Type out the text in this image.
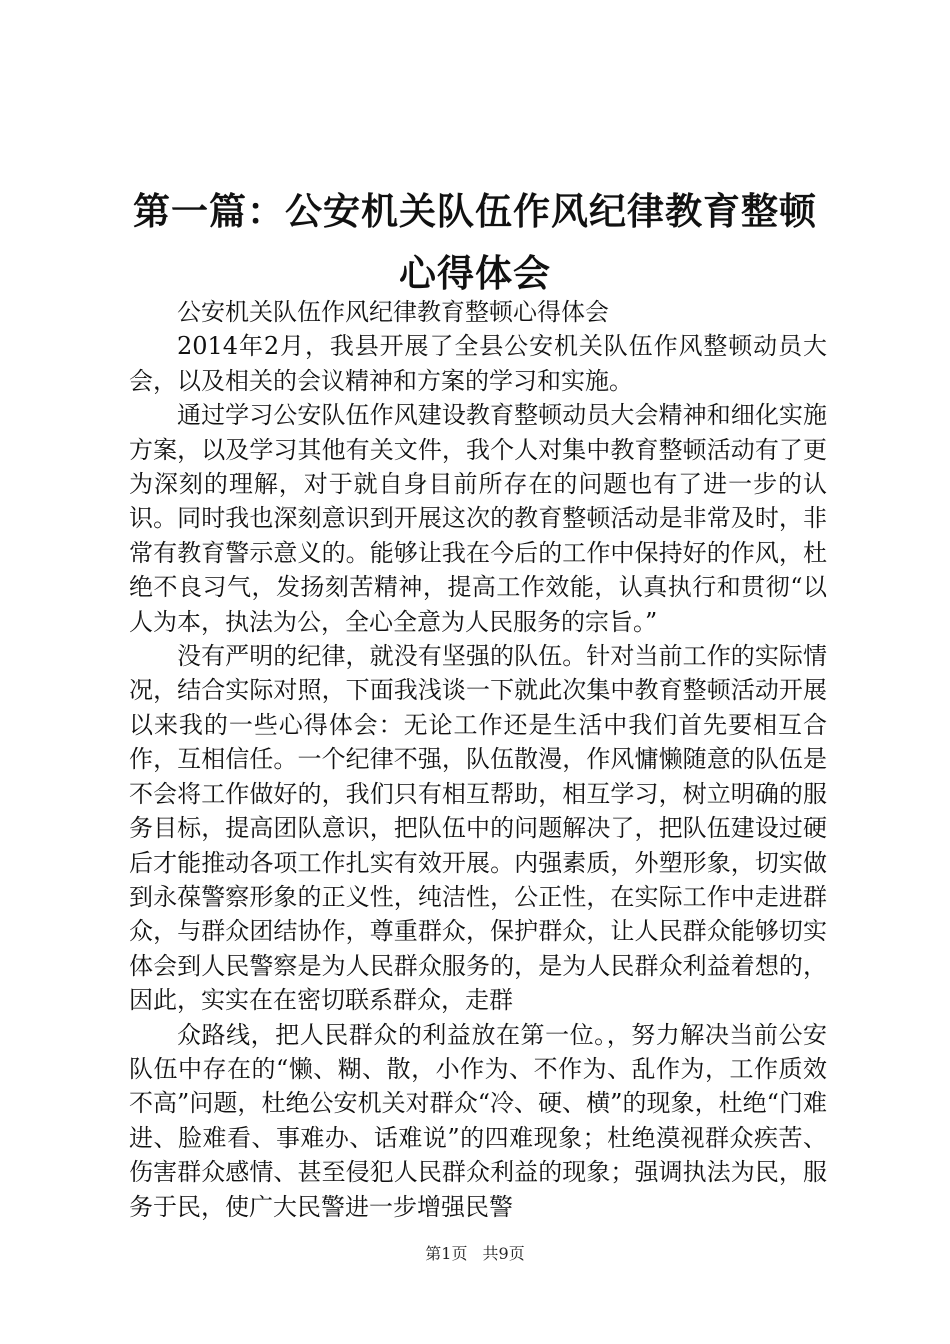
第一篇：公安机关队伍作风纪律教育整顿心得体会

公安机关队伍作风纪律教育整顿心得体会

2014年2月，我县开展了全县公安机关队伍作风整顿动员大会，以及相关的会议精神和方案的学习和实施。

通过学习公安队伍作风建设教育整顿动员大会精神和细化实施方案，以及学习其他有关文件，我个人对集中教育整顿活动有了更为深刻的理解，对于就自身目前所存在的问题也有了进一步的认识。同时我也深刻意识到开展这次的教育整顿活动是非常及时，非常有教育警示意义的。能够让我在今后的工作中保持好的作风，杜绝不良习气，发扬刻苦精神，提高工作效能，认真执行和贯彻“以人为本，执法为公，全心全意为人民服务的宗旨。”

没有严明的纪律，就没有坚强的队伍。针对当前工作的实际情况，结合实际对照，下面我浅谈一下就此次集中教育整顿活动开展以来我的一些心得体会：无论工作还是生活中我们首先要相互合作，互相信任。一个纪律不强，队伍散漫，作风慵懒随意的队伍是不会将工作做好的，我们只有相互帮助，相互学习，树立明确的服务目标，提高团队意识，把队伍中的问题解决了，把队伍建设过硬后才能推动各项工作扎实有效开展。内强素质，外塑形象，切实做到永葆警察形象的正义性，纯洁性，公正性，在实际工作中走进群众，与群众团结协作，尊重群众，保护群众，让人民群众能够切实体会到人民警察是为人民群众服务的，是为人民群众利益着想的，因此，实实在在密切联系群众，走群

众路线，把人民群众的利益放在第一位。，努力解决当前公安队伍中存在的“懒、糊、散，小作为、不作为、乱作为，工作质效不高”问题，杜绝公安机关对群众“冷、硬、横”的现象，杜绝“门难进、脸难看、事难办、话难说”的四难现象；杜绝漠视群众疾苦、伤害群众感情、甚至侵犯人民群众利益的现象；强调执法为民，服务于民，使广大民警进一步增强民警

第1页 共9页
